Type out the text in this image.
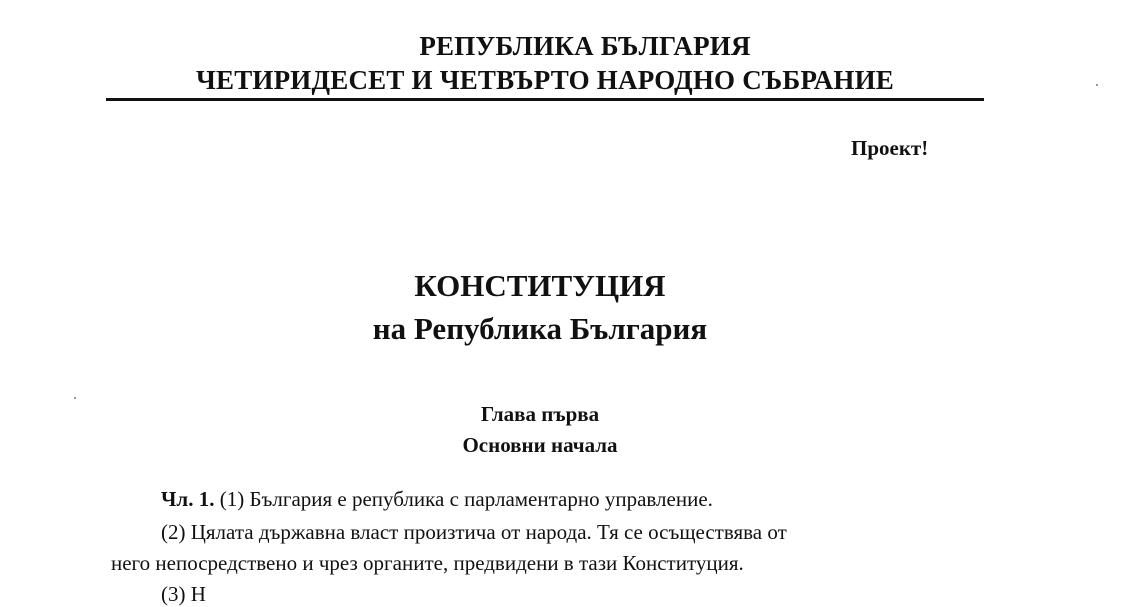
РЕПУБЛИКА БЪЛГАРИЯ
ЧЕТИРИДЕСЕТ И ЧЕТВЪРТО НАРОДНО СЪБРАНИЕ
Проект!
КОНСТИТУЦИЯ
на Република България
Глава първа
Основни начала
Чл. 1. (1) България е република с парламентарно управление.
(2) Цялата държавна власт произтича от народа. Тя се осъществява от
него непосредствено и чрез органите, предвидени в тази Конституция.
(3) Н
